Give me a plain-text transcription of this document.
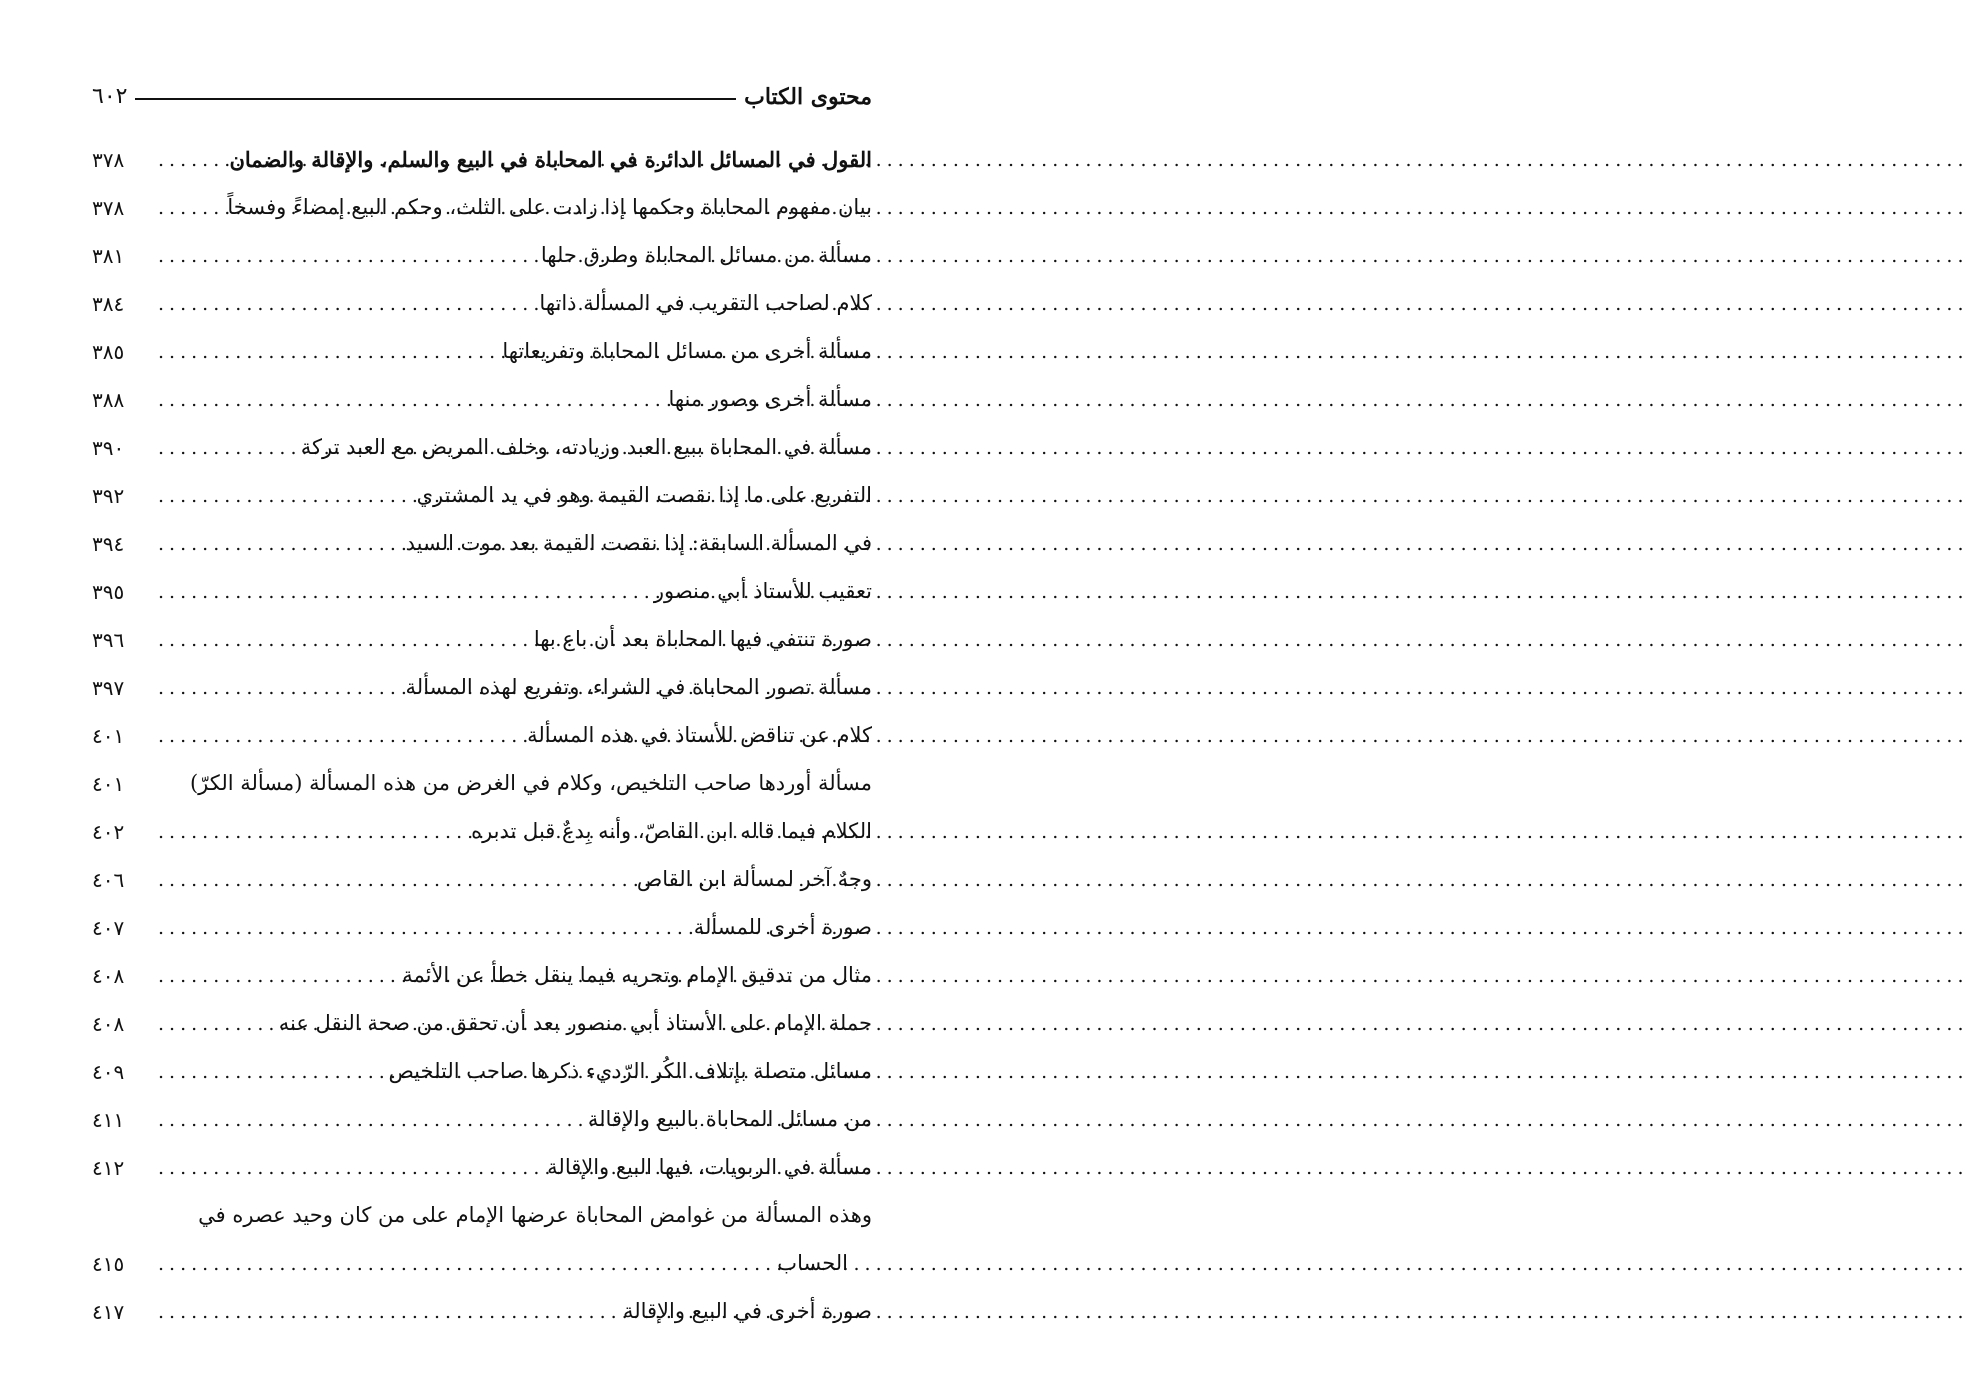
محتوى الكتاب
٦٠٢
القول في المسائل الدائرة في المحاباة في البيع والسلم، والإقالة والضمان
.....
٣٧٨
بيان مفهوم المحاباة وحكمها إذا زادت على الثلث، وحكم البيع إمضاءً وفسخاً
.....
٣٧٨
مسألة من مسائل المحاباة وطرق حلها
.....
٣٨١
كلام لصاحب التقريب في المسألة ذاتها
.....
٣٨٤
مسألة أخرى من مسائل المحاباة وتفريعاتها
.....
٣٨٥
مسألة أخرى وصور منها
.....
٣٨٨
مسألة في المحاباة ببيع العبد وزيادته، وخلف المريض مع العبد تركة
.....
٣٩٠
التفريع على ما إذا نقصت القيمة وهو في يد المشتري
.....
٣٩٢
في المسألة السابقة: إذا نقصت القيمة بعد موت السيد
.....
٣٩٤
تعقيب للأستاذ أبي منصور
.....
٣٩٥
صورة تنتفي فيها المحاباة بعد أن باع بها
.....
٣٩٦
مسألة تصور المحاباة في الشراء، وتفريع لهذه المسألة
.....
٣٩٧
كلام عن تناقض للأستاذ في هذه المسألة
.....
٤٠١
مسألة أوردها صاحب التلخيص، وكلام في الغرض من هذه المسألة (مسألة الكرّ)
٤٠١
الكلام فيما قاله ابن القاصّ، وأنه بِدعٌ قبل تدبره
.....
٤٠٢
وجهٌ آخر لمسألة ابن القاص
.....
٤٠٦
صورة أخرى للمسألة
.....
٤٠٧
مثال من تدقيق الإمام وتحريه فيما ينقل خطأ عن الأئمة
.....
٤٠٨
حملة الإمام على الأستاذ أبي منصور بعد أن تحقق من صحة النقل عنه
.....
٤٠٨
مسائل متصلة بإتلاف الكُر الرّديء ذكرها صاحب التلخيص
.....
٤٠٩
من مسائل المحاباة بالبيع والإقالة
.....
٤١١
مسألة في الربويات، فيها البيع والإقالة
.....
٤١٢
وهذه المسألة من غوامض المحاباة عرضها الإمام على من كان وحيد عصره في
الحساب
.....
٤١٥
صورة أخرى في البيع والإقالة
.....
٤١٧
